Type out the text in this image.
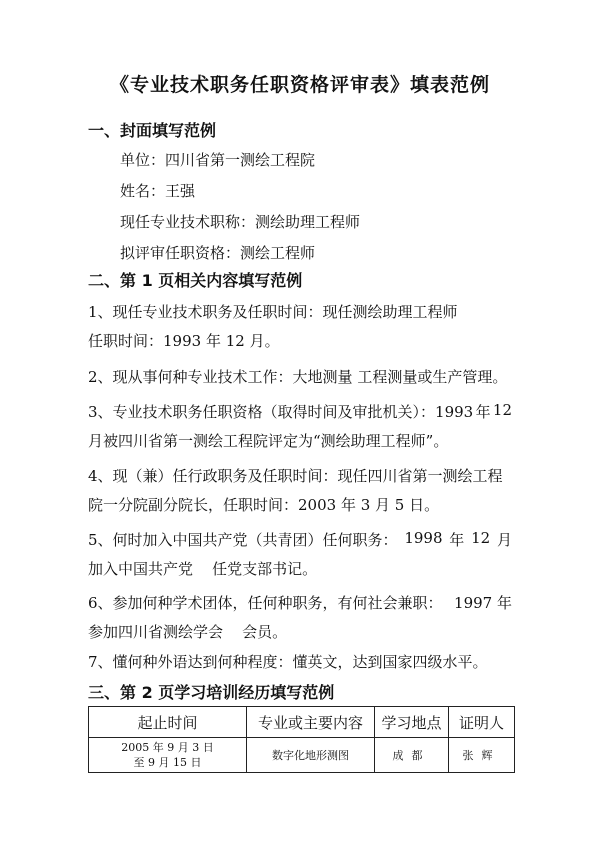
《专业技术职务任职资格评审表》填表范例
一、封面填写范例
单位：四川省第一测绘工程院
姓名：王强
现任专业技术职称：测绘助理工程师
拟评审任职资格：测绘工程师
二、第 1 页相关内容填写范例
1、现任专业技术职务及任职时间：现任测绘助理工程师
任职时间：1993 年 12 月。
2、现从事何种专业技术工作：大地测量 工程测量或生产管理。
3、专业技术职务任职资格（取得时间及审批机关）：1993 年 12
月被四川省第一测绘工程院评定为“测绘助理工程师”。
4、现（兼）任行政职务及任职时间：现任四川省第一测绘工程
院一分院副分院长，任职时间：2003 年 3 月 5 日。
5、何时加入中国共产党（共青团）任何职务： 1998 年 12 月
加入中国共产党    任党支部书记。
6、参加何种学术团体，任何种职务，有何社会兼职： 1997 年
参加四川省测绘学会    会员。
7、懂何种外语达到何种程度：懂英文，达到国家四级水平。
三、第 2 页学习培训经历填写范例
起止时间	专业或主要内容	学习地点	证明人

2005 年 9 月 3 日
至 9 月 15 日	数字化地形测图	成都	张辉
